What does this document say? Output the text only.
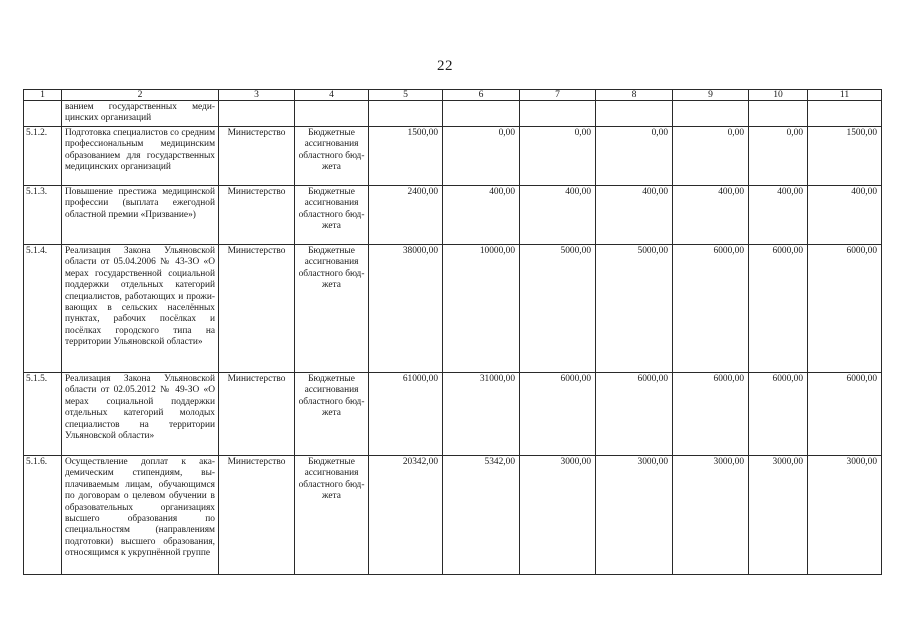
22
1	2	3	4	5	6	7	8	9	10	11
	ванием государственных медицинских организаций									
5.1.2.	Подготовка специалистов со средним профессиональным медицинским образованием для государственных медицинских организаций	Министерство	Бюджетные ассигнования областного бюджета	1500,00	0,00	0,00	0,00	0,00	0,00	1500,00
5.1.3.	Повышение престижа медицинской профессии (выплата ежегодной областной премии «Призвание»)	Министерство	Бюджетные ассигнования областного бюджета	2400,00	400,00	400,00	400,00	400,00	400,00	400,00
5.1.4.	Реализация Закона Ульяновской области от 05.04.2006 № 43-ЗО «О мерах государственной социальной поддержки отдельных категорий специалистов, работающих и проживающих в сельских населённых пунктах, рабочих посёлках и посёлках городского типа на территории Ульяновской области»	Министерство	Бюджетные ассигнования областного бюджета	38000,00	10000,00	5000,00	5000,00	6000,00	6000,00	6000,00
5.1.5.	Реализация Закона Ульяновской области от 02.05.2012 № 49-ЗО «О мерах социальной поддержки отдельных категорий молодых специалистов на территории Ульяновской области»	Министерство	Бюджетные ассигнования областного бюджета	61000,00	31000,00	6000,00	6000,00	6000,00	6000,00	6000,00
5.1.6.	Осуществление доплат к академическим стипендиям, выплачиваемым лицам, обучающимся по договорам о целевом обучении в образовательных организациях высшего образования по специальностям (направлениям подготовки) высшего образования, относящимся к укрупнённой группе	Министерство	Бюджетные ассигнования областного бюджета	20342,00	5342,00	3000,00	3000,00	3000,00	3000,00	3000,00
